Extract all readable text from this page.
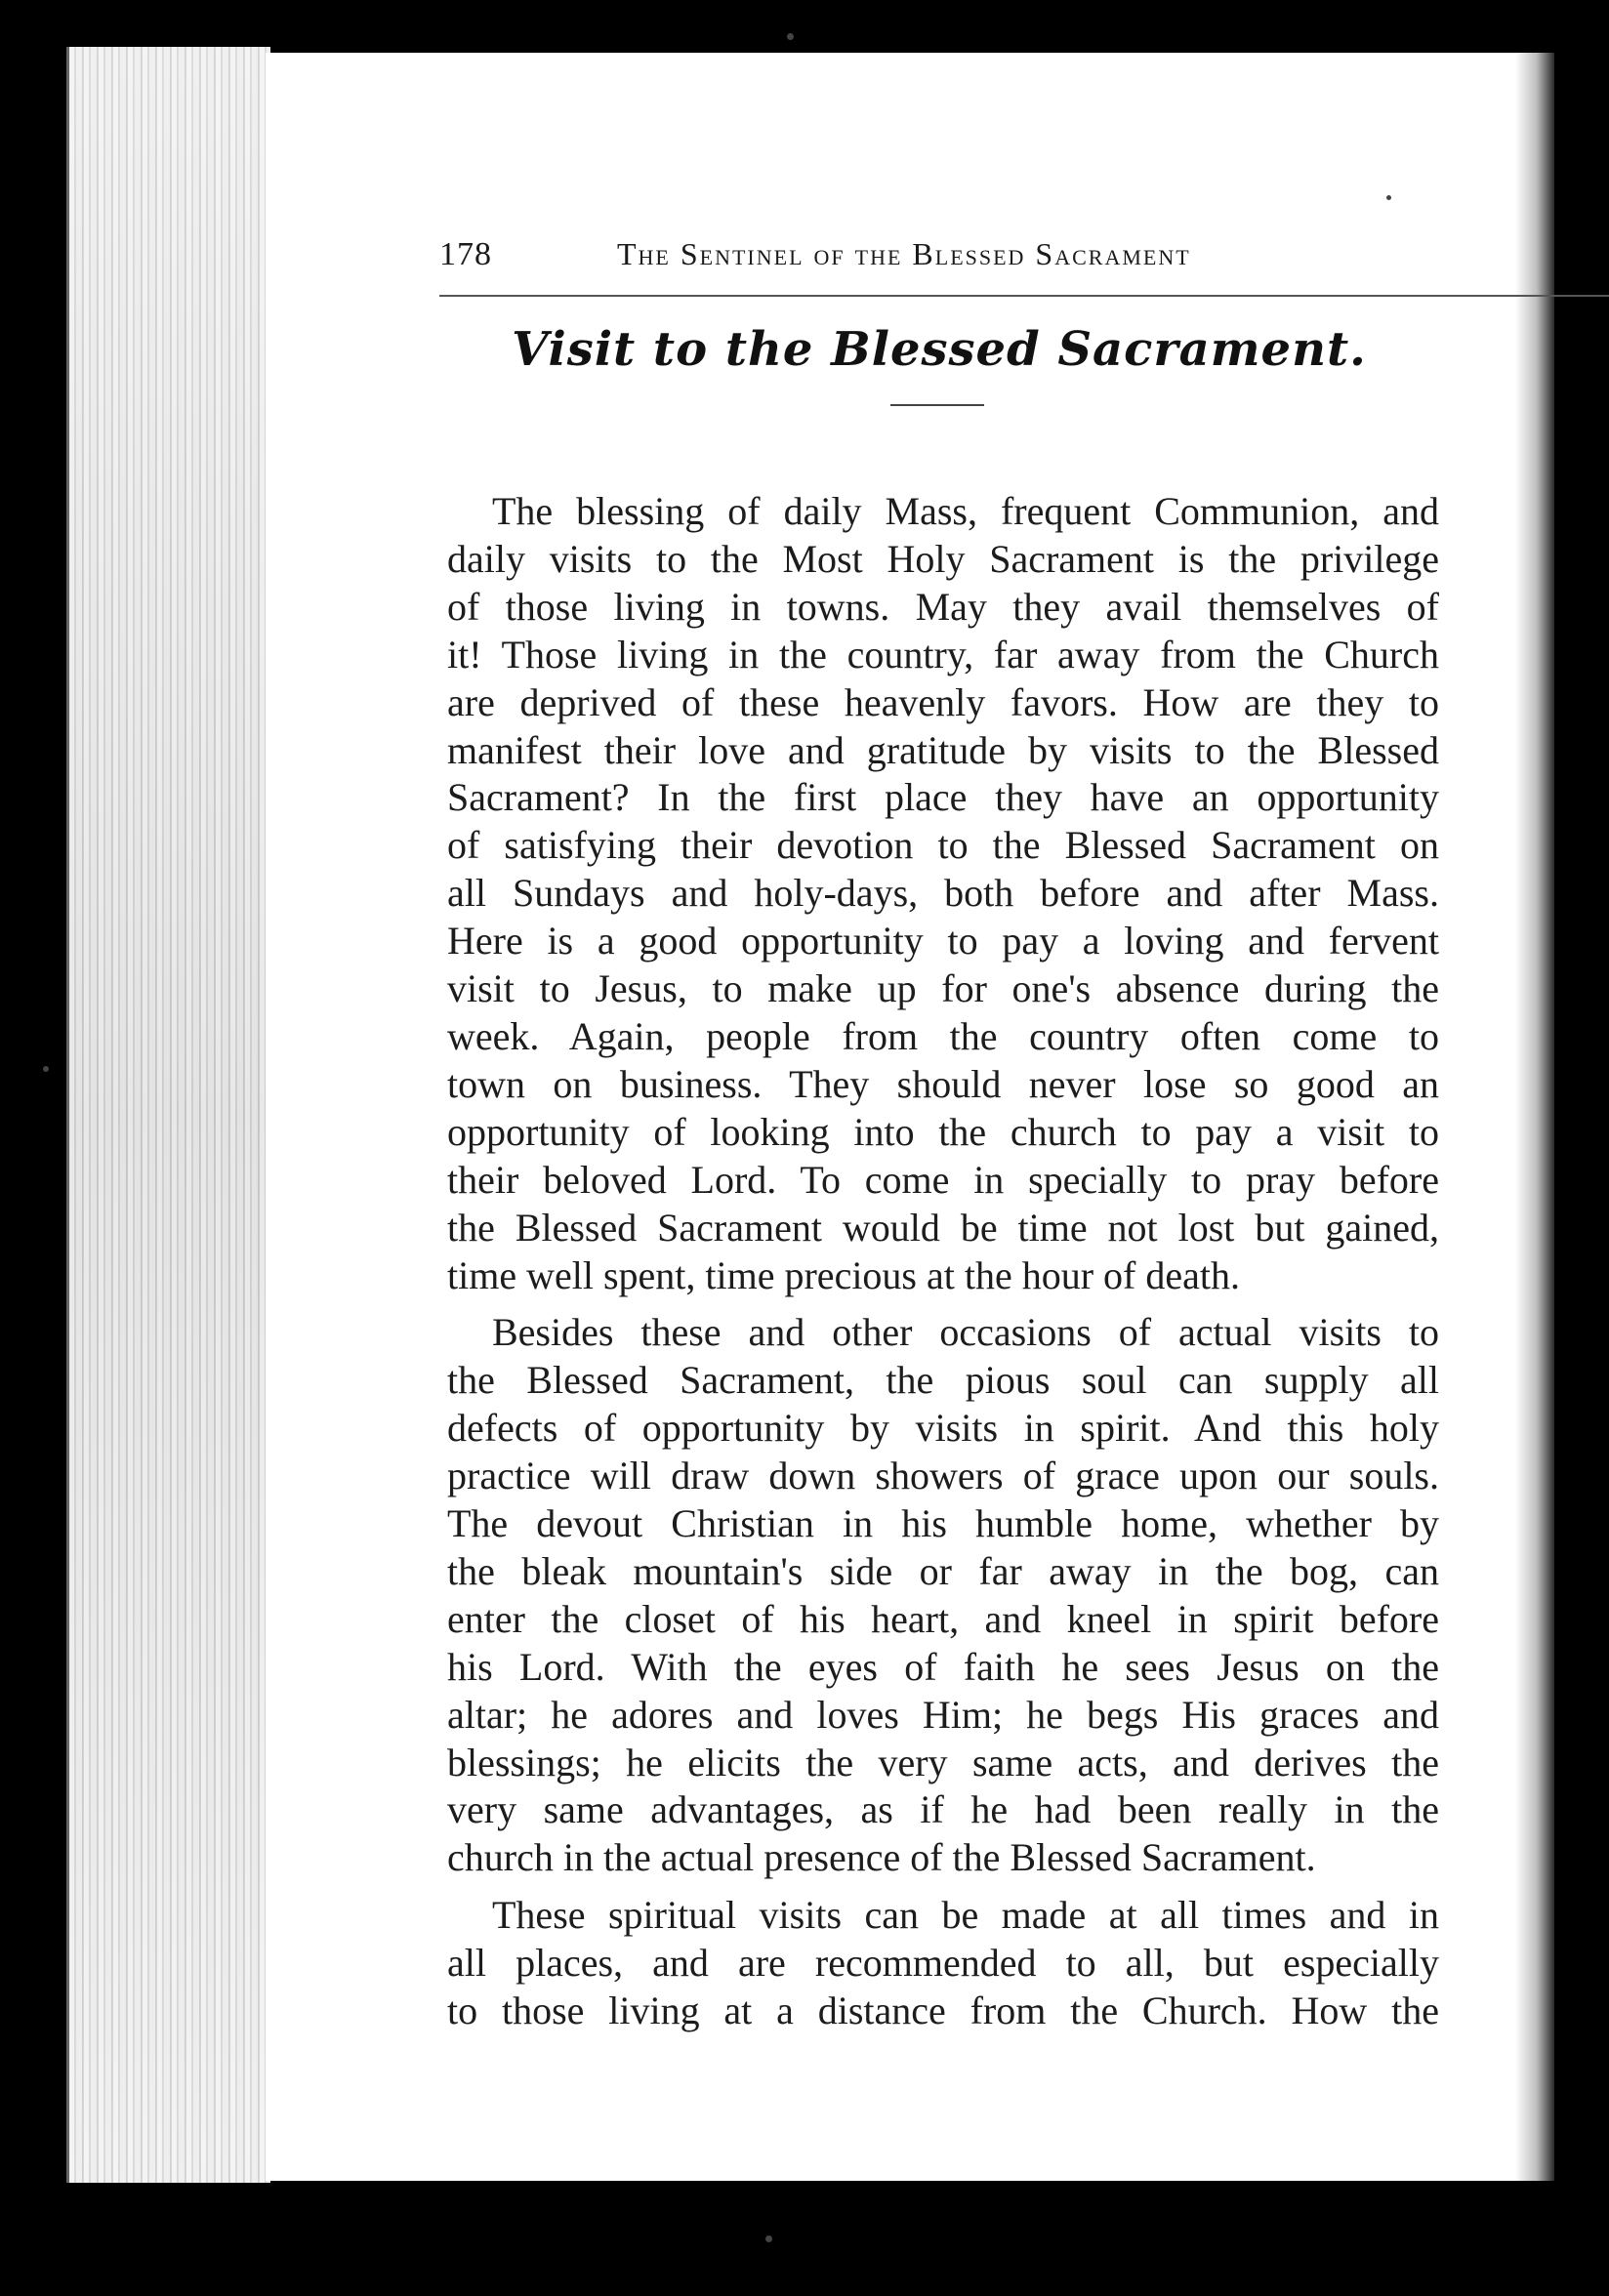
178	The Sentinel of the Blessed Sacrament
Visit to the Blessed Sacrament.
The blessing of daily Mass, frequent Communion, and
daily visits to the Most Holy Sacrament is the privilege
of those living in towns. May they avail themselves of
it! Those living in the country, far away from the Church
are deprived of these heavenly favors. How are they to
manifest their love and gratitude by visits to the Blessed
Sacrament? In the first place they have an opportunity
of satisfying their devotion to the Blessed Sacrament on
all Sundays and holy-days, both before and after Mass.
Here is a good opportunity to pay a loving and fervent
visit to Jesus, to make up for one's absence during the
week. Again, people from the country often come to
town on business. They should never lose so good an
opportunity of looking into the church to pay a visit to
their beloved Lord. To come in specially to pray before
the Blessed Sacrament would be time not lost but gained,
time well spent, time precious at the hour of death.
Besides these and other occasions of actual visits to
the Blessed Sacrament, the pious soul can supply all
defects of opportunity by visits in spirit. And this holy
practice will draw down showers of grace upon our souls.
The devout Christian in his humble home, whether by
the bleak mountain's side or far away in the bog, can
enter the closet of his heart, and kneel in spirit before
his Lord. With the eyes of faith he sees Jesus on the
altar; he adores and loves Him; he begs His graces and
blessings; he elicits the very same acts, and derives the
very same advantages, as if he had been really in the
church in the actual presence of the Blessed Sacrament.
These spiritual visits can be made at all times and in
all places, and are recommended to all, but especially
to those living at a distance from the Church. How the
